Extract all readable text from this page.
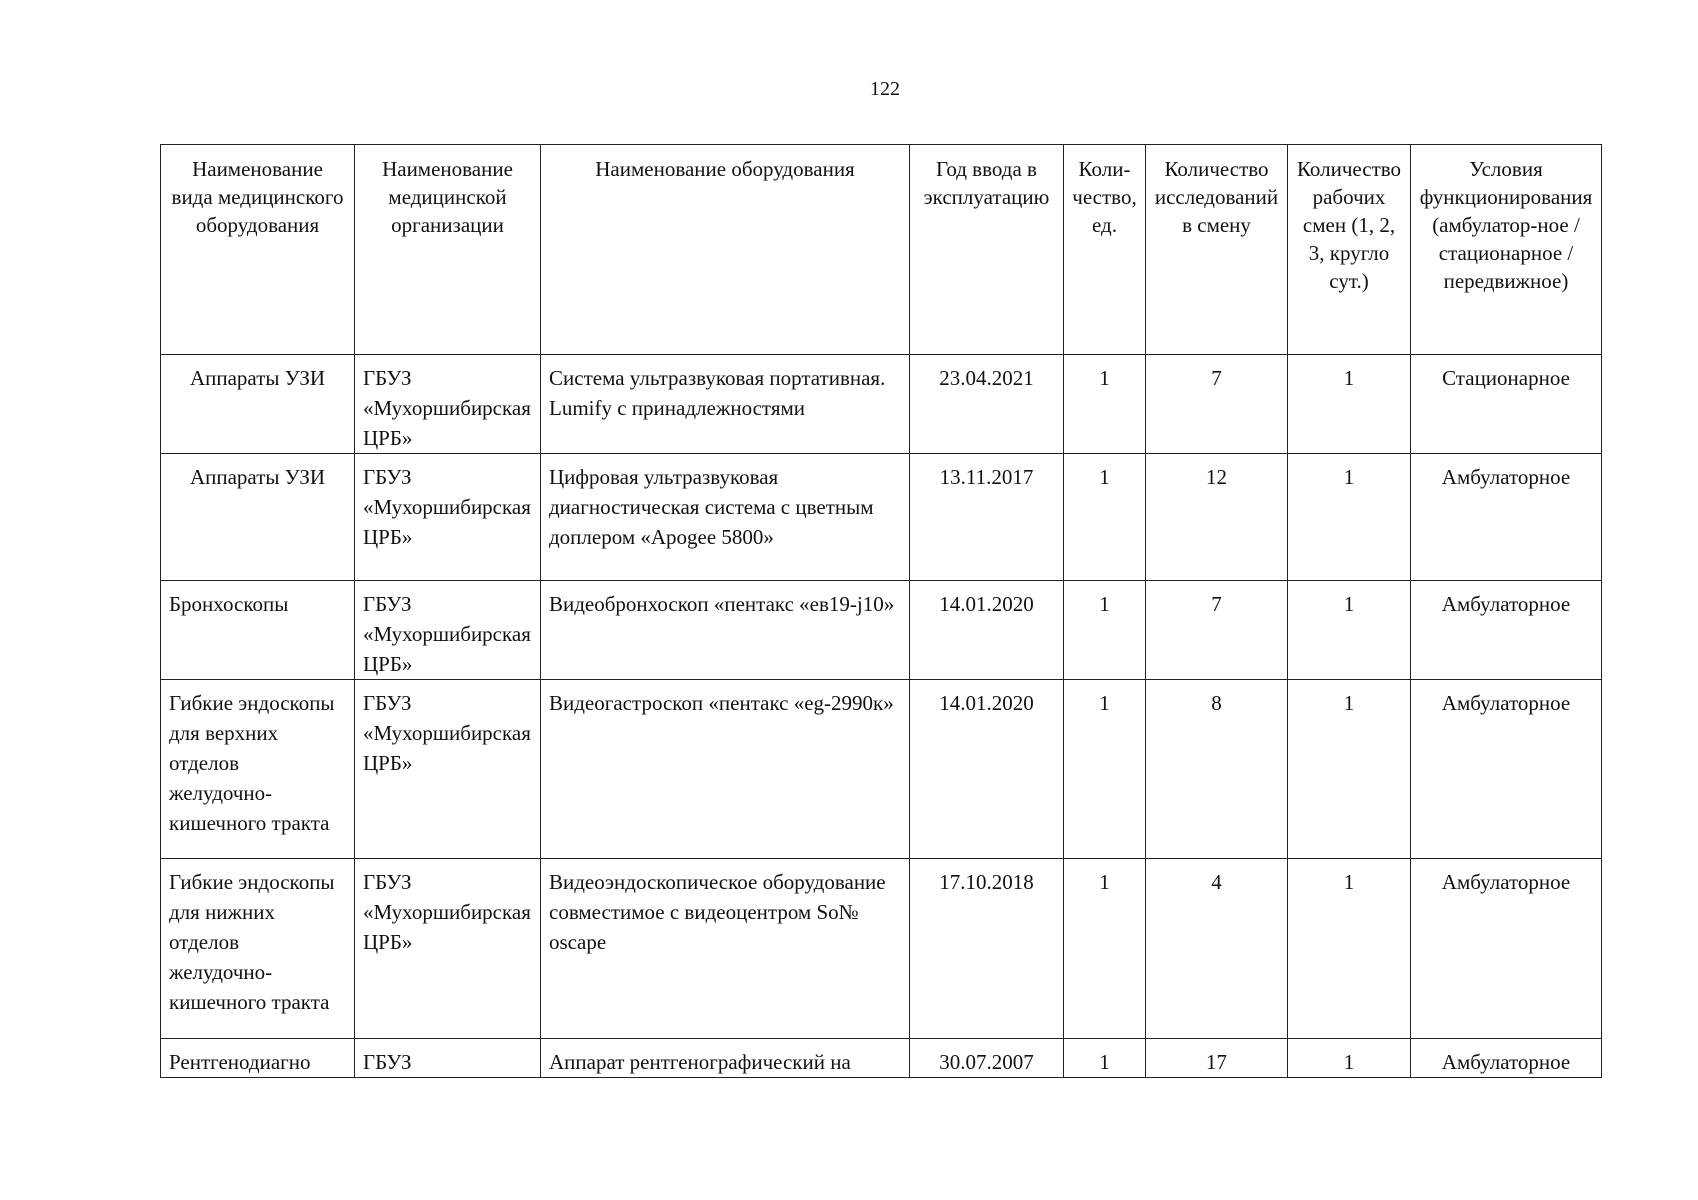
122
Наименование вида медицинского оборудования	Наименование медицинской организации	Наименование оборудования	Год ввода в эксплуатацию	Коли-чество, ед.	Количество исследований в смену	Количество рабочих смен (1, 2, 3, кругло сут.)	Условия функционирования (амбулатор-ное / стационарное / передвижное)
Аппараты УЗИ	ГБУЗ «Мухоршибирская ЦРБ»	Система ультразвуковая портативная. Lumify с принадлежностями	23.04.2021	1	7	1	Стационарное
Аппараты УЗИ	ГБУЗ «Мухоршибирская ЦРБ»	Цифровая ультразвуковая диагностическая система с цветным доплером «Apogee 5800»	13.11.2017	1	12	1	Амбулаторное
Бронхоскопы	ГБУЗ «Мухоршибирская ЦРБ»	Видеобронхоскоп «пентакс «ев19-j10»	14.01.2020	1	7	1	Амбулаторное
Гибкие эндоскопы для верхних отделов желудочно-кишечного тракта	ГБУЗ «Мухоршибирская ЦРБ»	Видеогастроскоп «пентакс «eg-2990к»	14.01.2020	1	8	1	Амбулаторное
Гибкие эндоскопы для нижних отделов желудочно-кишечного тракта	ГБУЗ «Мухоршибирская ЦРБ»	Видеоэндоскопическое оборудование совместимое с видеоцентром So№ oscape	17.10.2018	1	4	1	Амбулаторное
Рентгенодиагно	ГБУЗ	Аппарат рентгенографический на	30.07.2007	1	17	1	Амбулаторное
